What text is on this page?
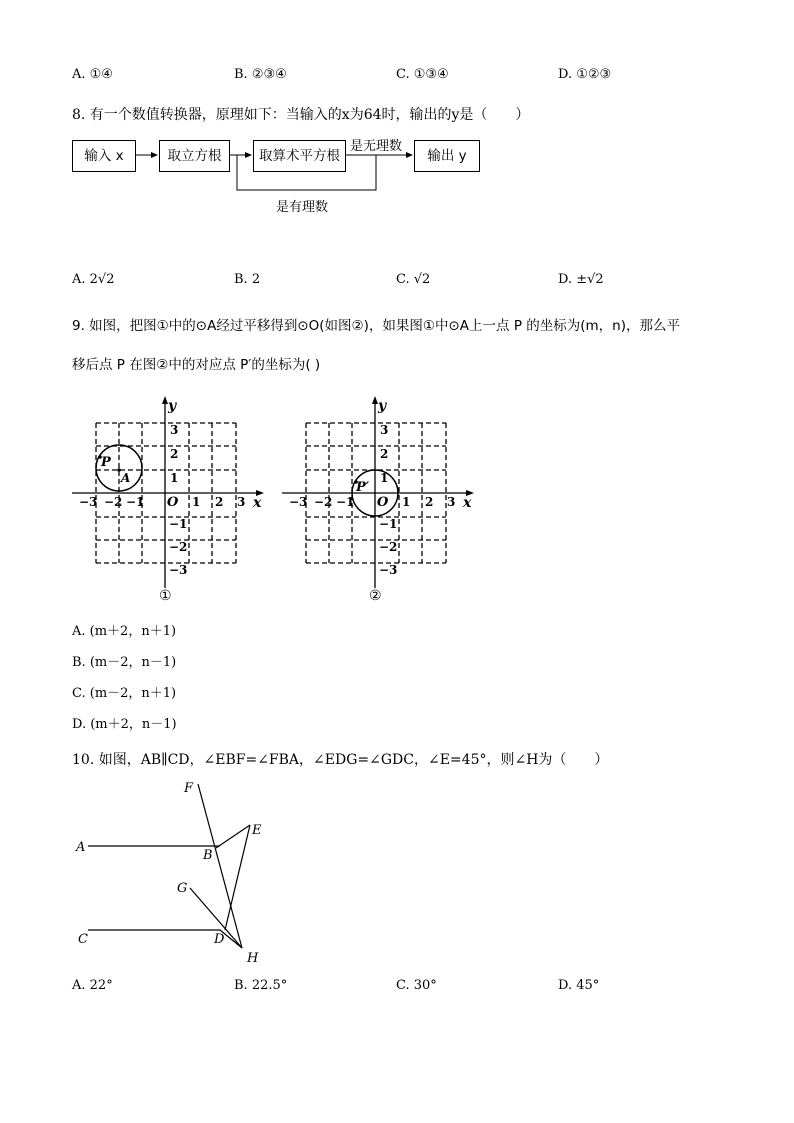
A. ①④	B. ②③④	C. ①③④	D. ①②③
8. 有一个数值转换器，原理如下：当输入的x为64时，输出的y是（　　）
输入 x	取立方根	取算术平方根	输出 y
是无理数
是有理数
A. 2√2	B. 2	C. √2	D. ±√2
9. 如图，把图①中的⊙A经过平移得到⊙O(如图②)，如果图①中⊙A上一点 P 的坐标为(m，n)，那么平
移后点 P 在图②中的对应点 P′的坐标为( )
y
x
O
P
A
−3 −2 −1	1 2 3
3
2
1
−1
−2
−3
①
y
x
O
P′
−3 −2 −1	1 2 3
3
2
1
−1
−2
−3
②
A. (m＋2，n＋1)
B. (m－2，n－1)
C. (m－2，n＋1)
D. (m＋2，n－1)
10. 如图，AB∥CD，∠EBF=∠FBA，∠EDG=∠GDC，∠E=45°，则∠H为（　　）
F
E
A
B
G
C	D
H
A. 22°	B. 22.5°	C. 30°	D. 45°
